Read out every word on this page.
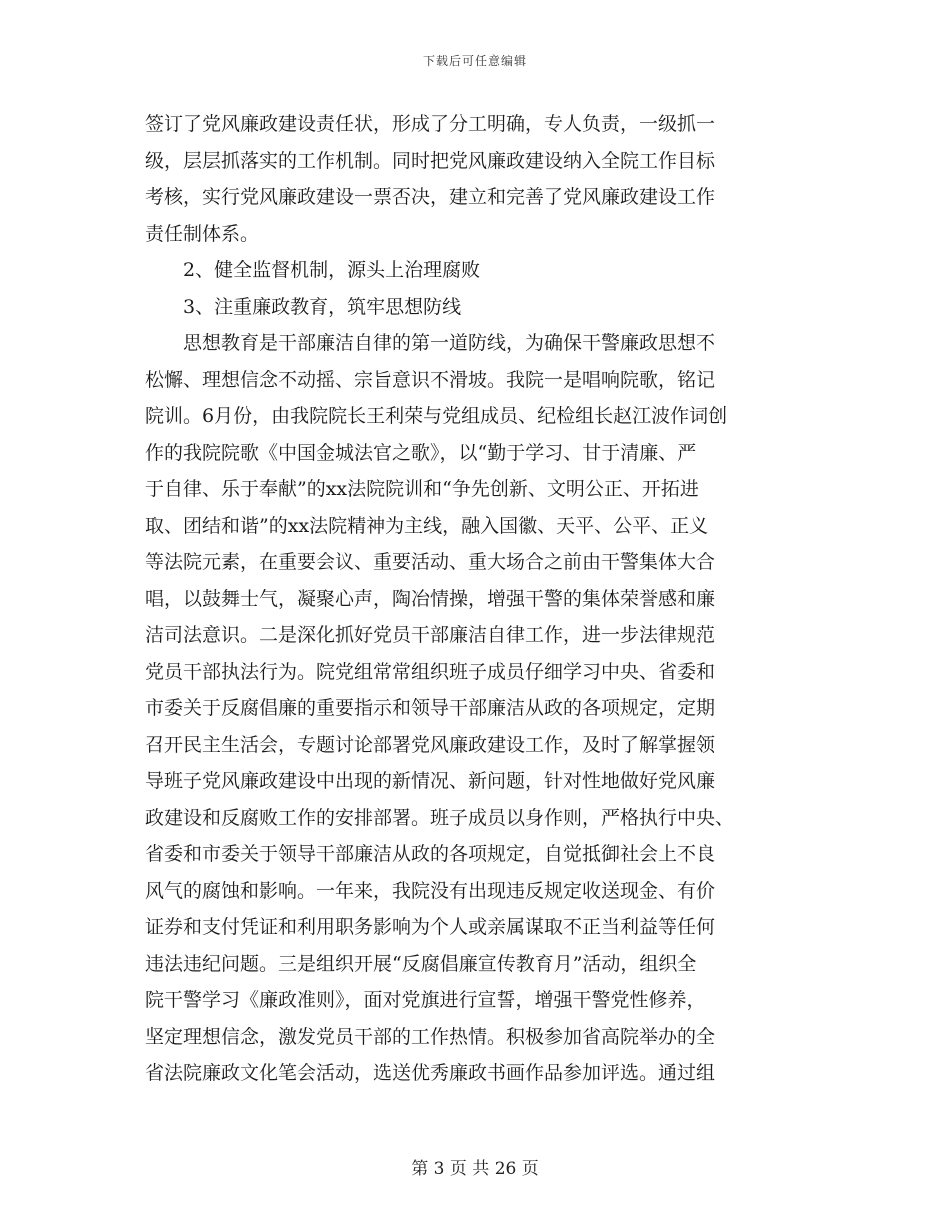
下载后可任意编辑
签订了党风廉政建设责任状，形成了分工明确，专人负责，一级抓一
级，层层抓落实的工作机制。同时把党风廉政建设纳入全院工作目标
考核，实行党风廉政建设一票否决，建立和完善了党风廉政建设工作
责任制体系。
　　2、健全监督机制，源头上治理腐败
　　3、注重廉政教育，筑牢思想防线
　　思想教育是干部廉洁自律的第一道防线，为确保干警廉政思想不
松懈、理想信念不动摇、宗旨意识不滑坡。我院一是唱响院歌，铭记
院训。6月份，由我院院长王利荣与党组成员、纪检组长赵江波作词创
作的我院院歌《中国金城法官之歌》，以“勤于学习、甘于清廉、严
于自律、乐于奉献”的xx法院院训和“争先创新、文明公正、开拓进
取、团结和谐”的xx法院精神为主线，融入国徽、天平、公平、正义
等法院元素，在重要会议、重要活动、重大场合之前由干警集体大合
唱，以鼓舞士气，凝聚心声，陶冶情操，增强干警的集体荣誉感和廉
洁司法意识。二是深化抓好党员干部廉洁自律工作，进一步法律规范
党员干部执法行为。院党组常常组织班子成员仔细学习中央、省委和
市委关于反腐倡廉的重要指示和领导干部廉洁从政的各项规定，定期
召开民主生活会，专题讨论部署党风廉政建设工作，及时了解掌握领
导班子党风廉政建设中出现的新情况、新问题，针对性地做好党风廉
政建设和反腐败工作的安排部署。班子成员以身作则，严格执行中央、
省委和市委关于领导干部廉洁从政的各项规定，自觉抵御社会上不良
风气的腐蚀和影响。一年来，我院没有出现违反规定收送现金、有价
证券和支付凭证和利用职务影响为个人或亲属谋取不正当利益等任何
违法违纪问题。三是组织开展“反腐倡廉宣传教育月”活动，组织全
院干警学习《廉政准则》，面对党旗进行宣誓，增强干警党性修养，
坚定理想信念，激发党员干部的工作热情。积极参加省高院举办的全
省法院廉政文化笔会活动，选送优秀廉政书画作品参加评选。通过组
第 3 页 共 26 页
